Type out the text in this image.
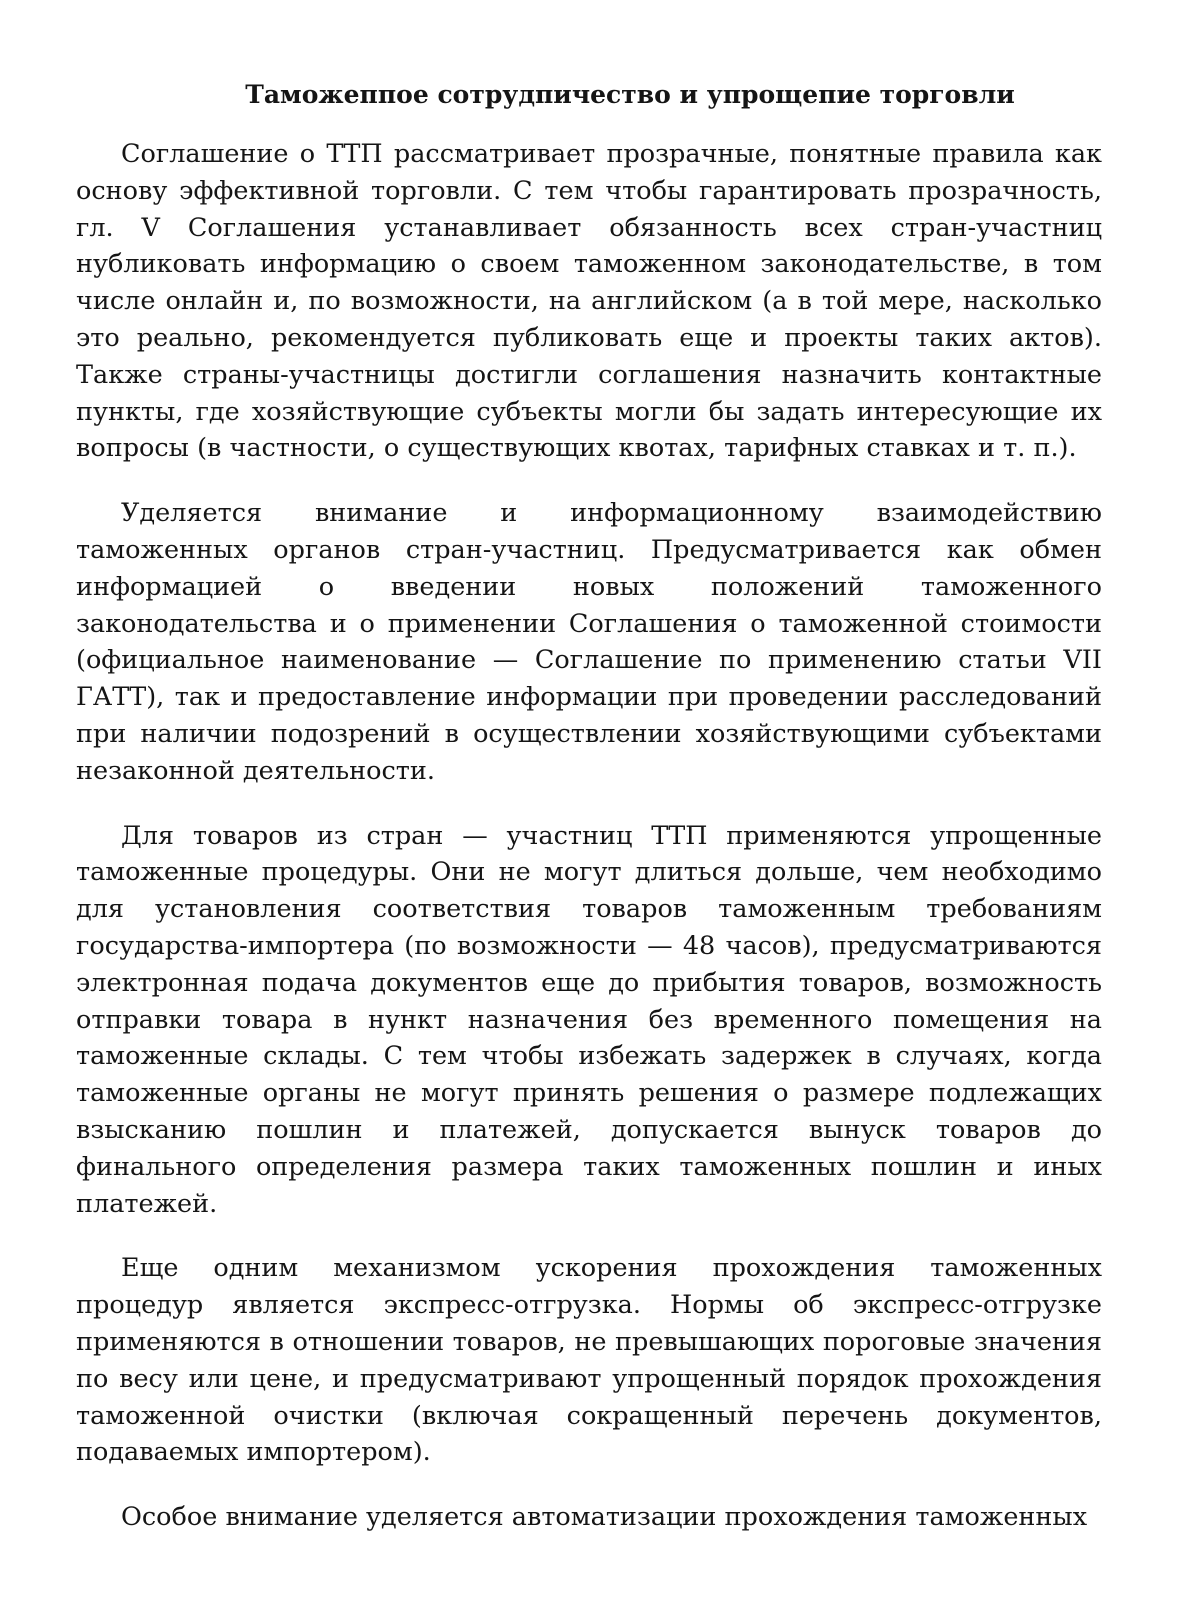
Таможеппое сотрудпичество и упрощепие торговли

Соглашение о ТТП рассматривает прозрачные, понятные правила как основу эффективной торговли. С тем чтобы гарантировать прозрачность, гл. V Соглашения устанавливает обязанность всех стран-участниц нубликовать информацию о своем таможенном законодательстве, в том числе онлайн и, по возможности, на английском (а в той мере, насколько это реально, рекомендуется публиковать еще и проекты таких актов). Также страны-участницы достигли соглашения назначить контактные пункты, где хозяйствующие субъекты могли бы задать интересующие их вопросы (в частности, о существующих квотах, тарифных ставках и т. п.).

Уделяется внимание и информационному взаимодействию таможенных органов стран-участниц. Предусматривается как обмен информацией о введении новых положений таможенного законодательства и о применении Соглашения о таможенной стоимости (официальное наименование — Соглашение по применению статьи VII ГАТТ), так и предоставление информации при проведении расследований при наличии подозрений в осуществлении хозяйствующими субъектами незаконной деятельности.

Для товаров из стран — участниц ТТП применяются упрощенные таможенные процедуры. Они не могут длиться дольше, чем необходимо для установления соответствия товаров таможенным требованиям государства-импортера (по возможности — 48 часов), предусматриваются электронная подача документов еще до прибытия товаров, возможность отправки товара в нункт назначения без временного помещения на таможенные склады. С тем чтобы избежать задержек в случаях, когда таможенные органы не могут принять решения о размере подлежащих взысканию пошлин и платежей, допускается вынуск товаров до финального определения размера таких таможенных пошлин и иных платежей.

Еще одним механизмом ускорения прохождения таможенных процедур является экспресс-отгрузка. Нормы об экспресс-отгрузке применяются в отношении товаров, не превышающих пороговые значения по весу или цене, и предусматривают упрощенный порядок прохождения таможенной очистки (включая сокращенный перечень документов, подаваемых импортером).

Особое внимание уделяется автоматизации прохождения таможенных
